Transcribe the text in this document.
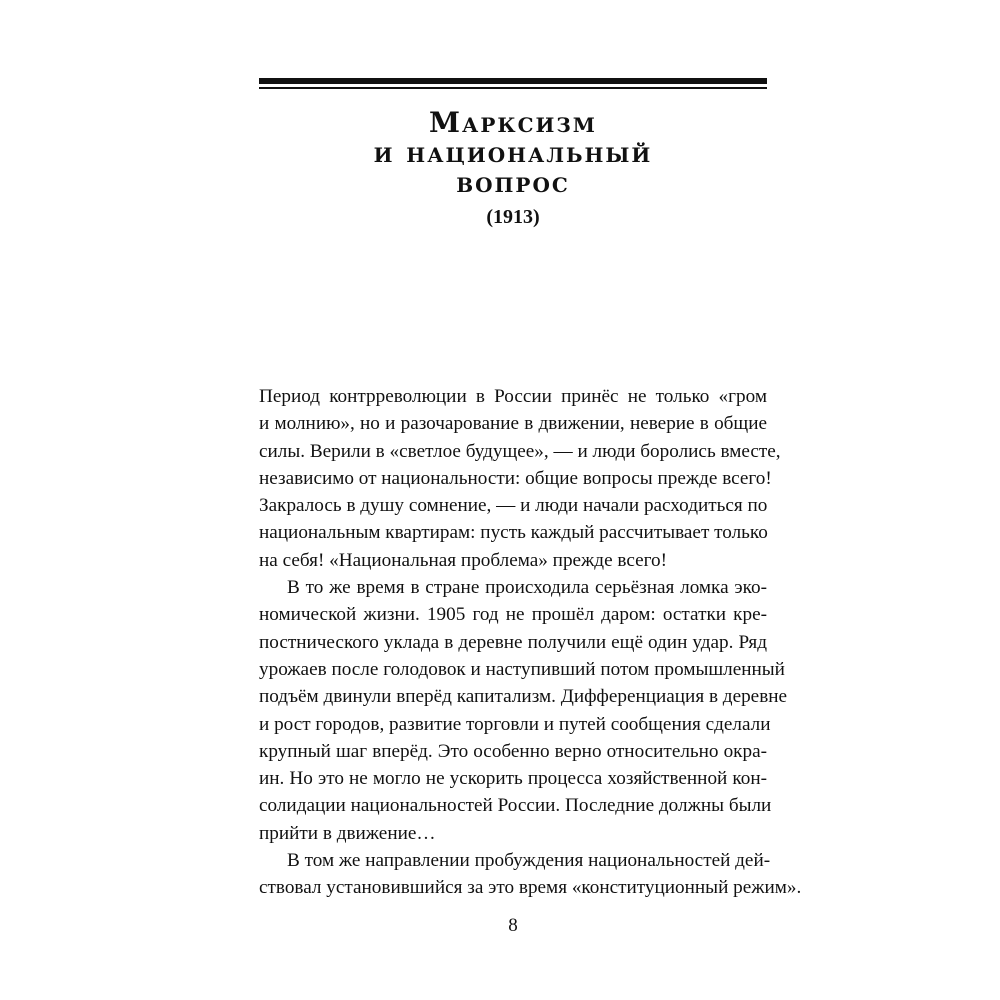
Марксизм
и национальный
вопрос
(1913)

Период контрреволюции в России принёс не только «гром
и молнию», но и разочарование в движении, неверие в общие
силы. Верили в «светлое будущее», — и люди боролись вместе,
независимо от национальности: общие вопросы прежде всего!
Закралось в душу сомнение, — и люди начали расходиться по
национальным квартирам: пусть каждый рассчитывает только
на себя! «Национальная проблема» прежде всего!

В то же время в стране происходила серьёзная ломка эко-
номической жизни. 1905 год не прошёл даром: остатки кре-
постнического уклада в деревне получили ещё один удар. Ряд
урожаев после голодовок и наступивший потом промышленный
подъём двинули вперёд капитализм. Дифференциация в деревне
и рост городов, развитие торговли и путей сообщения сделали
крупный шаг вперёд. Это особенно верно относительно окра-
ин. Но это не могло не ускорить процесса хозяйственной кон-
солидации национальностей России. Последние должны были
прийти в движение…

В том же направлении пробуждения национальностей дей-
ствовал установившийся за это время «конституционный режим».

8
